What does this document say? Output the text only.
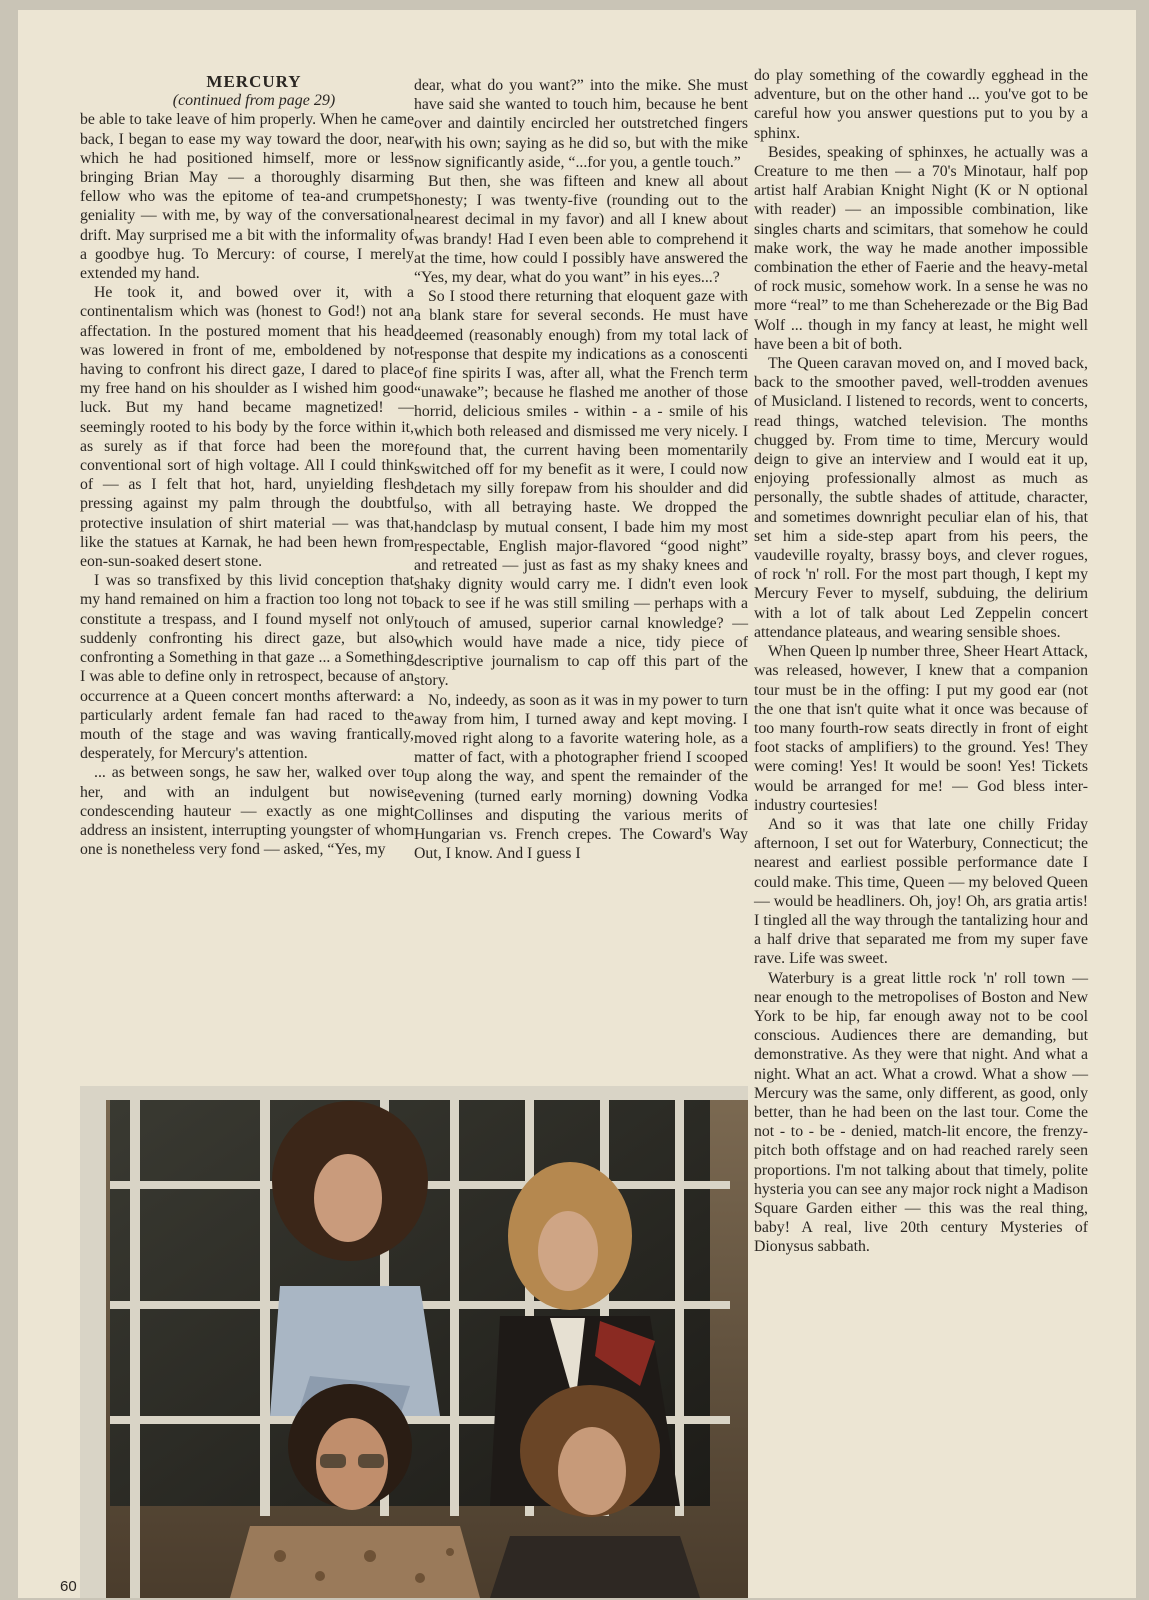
MERCURY

(continued from page 29)

be able to take leave of him properly. When he came back, I began to ease my way toward the door, near which he had positioned himself, more or less bringing Brian May — a thoroughly disarming fellow who was the epitome of tea-and crumpets geniality — with me, by way of the conversational drift. May surprised me a bit with the informality of a goodbye hug. To Mercury: of course, I merely extended my hand.

He took it, and bowed over it, with a continentalism which was (honest to God!) not an affectation. In the postured moment that his head was lowered in front of me, emboldened by not having to confront his direct gaze, I dared to place my free hand on his shoulder as I wished him good luck. But my hand became magnetized! — seemingly rooted to his body by the force within it, as surely as if that force had been the more conventional sort of high voltage. All I could think of — as I felt that hot, hard, unyielding flesh pressing against my palm through the doubtful protective insulation of shirt material — was that, like the statues at Karnak, he had been hewn from eon-sun-soaked desert stone.

I was so transfixed by this livid conception that my hand remained on him a fraction too long not to constitute a trespass, and I found myself not only suddenly confronting his direct gaze, but also confronting a Something in that gaze ... a Something I was able to define only in retrospect, because of an occurrence at a Queen concert months afterward: a particularly ardent female fan had raced to the mouth of the stage and was waving frantically, desperately, for Mercury's attention.

... as between songs, he saw her, walked over to her, and with an indulgent but nowise condescending hauteur — exactly as one might address an insistent, interrupting youngster of whom one is nonetheless very fond — asked, “Yes, my

dear, what do you want?” into the mike. She must have said she wanted to touch him, because he bent over and daintily encircled her outstretched fingers with his own; saying as he did so, but with the mike now significantly aside, “...for you, a gentle touch.”

But then, she was fifteen and knew all about honesty; I was twenty-five (rounding out to the nearest decimal in my favor) and all I knew about was brandy! Had I even been able to comprehend it at the time, how could I possibly have answered the “Yes, my dear, what do you want” in his eyes...?

So I stood there returning that eloquent gaze with a blank stare for several seconds. He must have deemed (reasonably enough) from my total lack of response that despite my indications as a conoscenti of fine spirits I was, after all, what the French term “unawake”; because he flashed me another of those horrid, delicious smiles - within - a - smile of his which both released and dismissed me very nicely. I found that, the current having been momentarily switched off for my benefit as it were, I could now detach my silly forepaw from his shoulder and did so, with all betraying haste. We dropped the handclasp by mutual consent, I bade him my most respectable, English major-flavored “good night” and retreated — just as fast as my shaky knees and shaky dignity would carry me. I didn't even look back to see if he was still smiling — perhaps with a touch of amused, superior carnal knowledge? — which would have made a nice, tidy piece of descriptive journalism to cap off this part of the story.

No, indeedy, as soon as it was in my power to turn away from him, I turned away and kept moving. I moved right along to a favorite watering hole, as a matter of fact, with a photographer friend I scooped up along the way, and spent the remainder of the evening (turned early morning) downing Vodka Collinses and disputing the various merits of Hungarian vs. French crepes. The Coward's Way Out, I know. And I guess I

do play something of the cowardly egghead in the adventure, but on the other hand ... you've got to be careful how you answer questions put to you by a sphinx.

Besides, speaking of sphinxes, he actually was a Creature to me then — a 70's Minotaur, half pop artist half Arabian Knight Night (K or N optional with reader) — an impossible combination, like singles charts and scimitars, that somehow he could make work, the way he made another impossible combination the ether of Faerie and the heavy-metal of rock music, somehow work. In a sense he was no more “real” to me than Scheherezade or the Big Bad Wolf ... though in my fancy at least, he might well have been a bit of both.

The Queen caravan moved on, and I moved back, back to the smoother paved, well-trodden avenues of Musicland. I listened to records, went to concerts, read things, watched television. The months chugged by. From time to time, Mercury would deign to give an interview and I would eat it up, enjoying professionally almost as much as personally, the subtle shades of attitude, character, and sometimes downright peculiar elan of his, that set him a side-step apart from his peers, the vaudeville royalty, brassy boys, and clever rogues, of rock 'n' roll. For the most part though, I kept my Mercury Fever to myself, subduing, the delirium with a lot of talk about Led Zeppelin concert attendance plateaus, and wearing sensible shoes.

When Queen lp number three, Sheer Heart Attack, was released, however, I knew that a companion tour must be in the offing: I put my good ear (not the one that isn't quite what it once was because of too many fourth-row seats directly in front of eight foot stacks of amplifiers) to the ground. Yes! They were coming! Yes! It would be soon! Yes! Tickets would be arranged for me! — God bless inter-industry courtesies!

And so it was that late one chilly Friday afternoon, I set out for Waterbury, Connecticut; the nearest and earliest possible performance date I could make. This time, Queen — my beloved Queen — would be headliners. Oh, joy! Oh, ars gratia artis! I tingled all the way through the tantalizing hour and a half drive that separated me from my super fave rave. Life was sweet.

Waterbury is a great little rock 'n' roll town — near enough to the metropolises of Boston and New York to be hip, far enough away not to be cool conscious. Audiences there are demanding, but demonstrative. As they were that night. And what a night. What an act. What a crowd. What a show — Mercury was the same, only different, as good, only better, than he had been on the last tour. Come the not - to - be - denied, match-lit encore, the frenzy-pitch both offstage and on had reached rarely seen proportions. I'm not talking about that timely, polite hysteria you can see any major rock night a Madison Square Garden either — this was the real thing, baby! A real, live 20th century Mysteries of Dionysus sabbath.

60
